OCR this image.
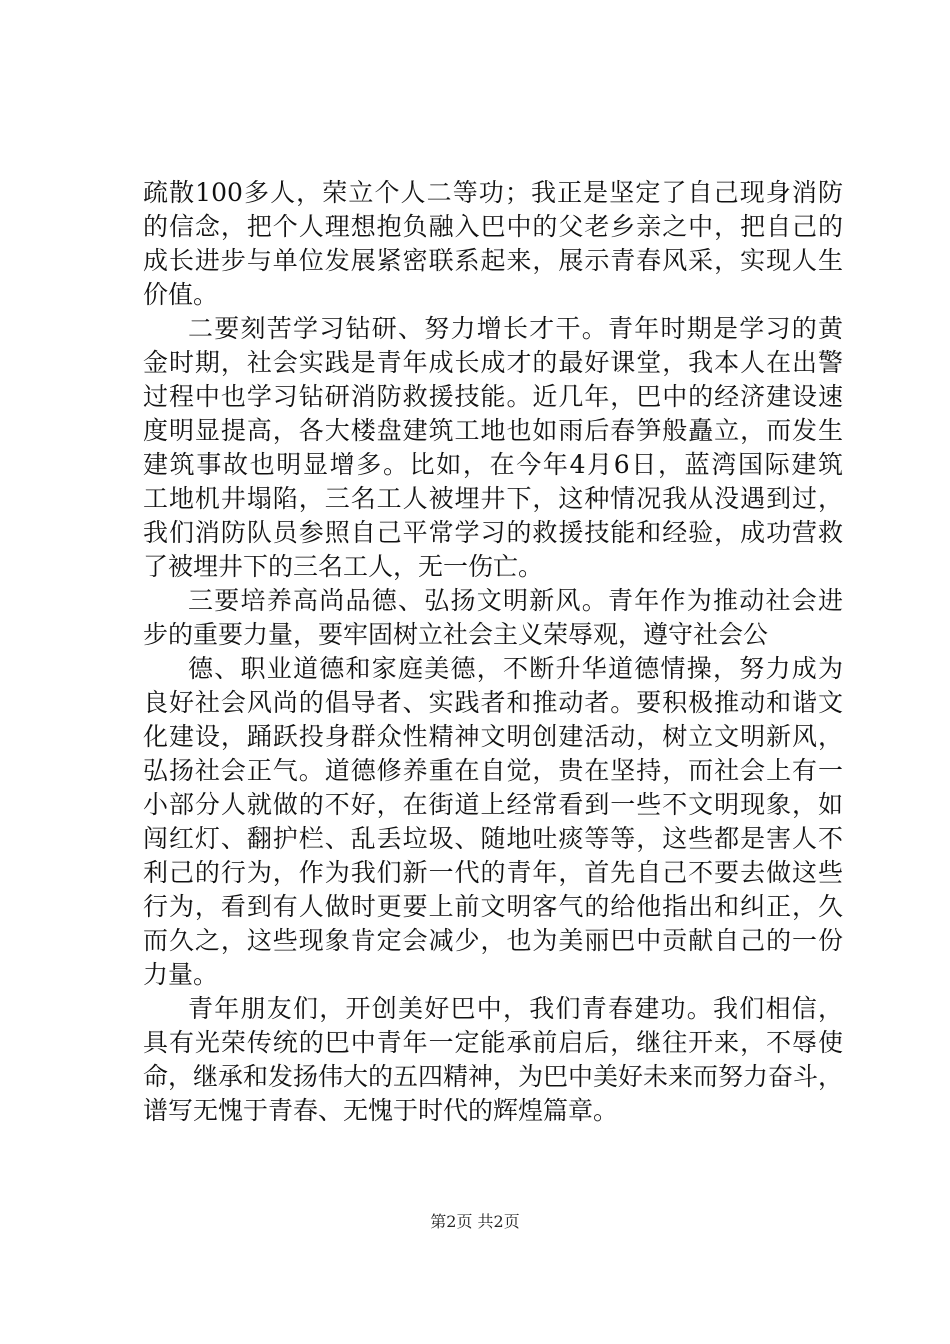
疏散100多人，荣立个人二等功；我正是坚定了自己现身消防
的信念，把个人理想抱负融入巴中的父老乡亲之中，把自己的
成长进步与单位发展紧密联系起来，展示青春风采，实现人生
价值。
二要刻苦学习钻研、努力增长才干。青年时期是学习的黄
金时期，社会实践是青年成长成才的最好课堂，我本人在出警
过程中也学习钻研消防救援技能。近几年，巴中的经济建设速
度明显提高，各大楼盘建筑工地也如雨后春笋般矗立，而发生
建筑事故也明显增多。比如，在今年4月6日，蓝湾国际建筑
工地机井塌陷，三名工人被埋井下，这种情况我从没遇到过，
我们消防队员参照自己平常学习的救援技能和经验，成功营救
了被埋井下的三名工人，无一伤亡。
三要培养高尚品德、弘扬文明新风。青年作为推动社会进
步的重要力量，要牢固树立社会主义荣辱观，遵守社会公
德、职业道德和家庭美德，不断升华道德情操，努力成为
良好社会风尚的倡导者、实践者和推动者。要积极推动和谐文
化建设，踊跃投身群众性精神文明创建活动，树立文明新风，
弘扬社会正气。道德修养重在自觉，贵在坚持，而社会上有一
小部分人就做的不好，在街道上经常看到一些不文明现象，如
闯红灯、翻护栏、乱丢垃圾、随地吐痰等等，这些都是害人不
利己的行为，作为我们新一代的青年，首先自己不要去做这些
行为，看到有人做时更要上前文明客气的给他指出和纠正，久
而久之，这些现象肯定会减少，也为美丽巴中贡献自己的一份
力量。
青年朋友们，开创美好巴中，我们青春建功。我们相信，
具有光荣传统的巴中青年一定能承前启后，继往开来，不辱使
命，继承和发扬伟大的五四精神，为巴中美好未来而努力奋斗，
谱写无愧于青春、无愧于时代的辉煌篇章。
第2页 共2页
